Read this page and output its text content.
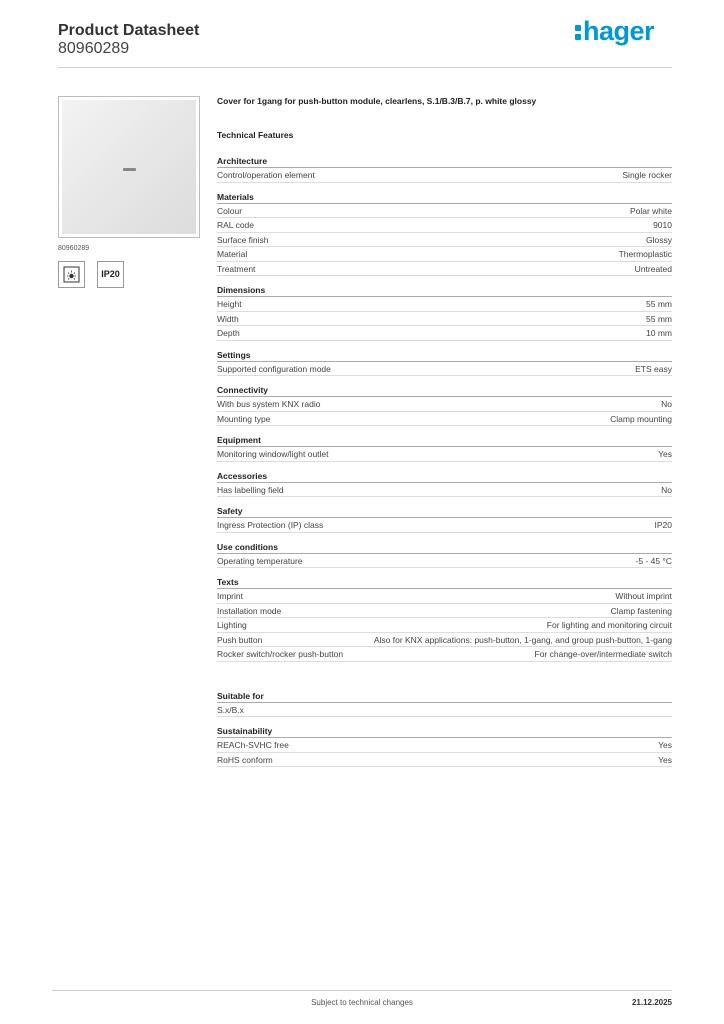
Product Datasheet
80960289
hager
80960289
IP20
Cover for 1gang for push-button module, clearlens, S.1/B.3/B.7, p. white glossy
Technical Features
Architecture
Control/operation element	Single rocker
Materials
Colour	Polar white
RAL code	9010
Surface finish	Glossy
Material	Thermoplastic
Treatment	Untreated
Dimensions
Height	55 mm
Width	55 mm
Depth	10 mm
Settings
Supported configuration mode	ETS easy
Connectivity
With bus system KNX radio	No
Mounting type	Clamp mounting
Equipment
Monitoring window/light outlet	Yes
Accessories
Has labelling field	No
Safety
Ingress Protection (IP) class	IP20
Use conditions
Operating temperature	-5 - 45 °C
Texts
Imprint	Without imprint
Installation mode	Clamp fastening
Lighting	For lighting and monitoring circuit
Push button	Also for KNX applications: push-button, 1-gang, and group push-button, 1-gang
Rocker switch/rocker push-button	For change-over/intermediate switch
Suitable for
S.x/B.x
Sustainability
REACh-SVHC free	Yes
RoHS conform	Yes
Subject to technical changes	21.12.2025
